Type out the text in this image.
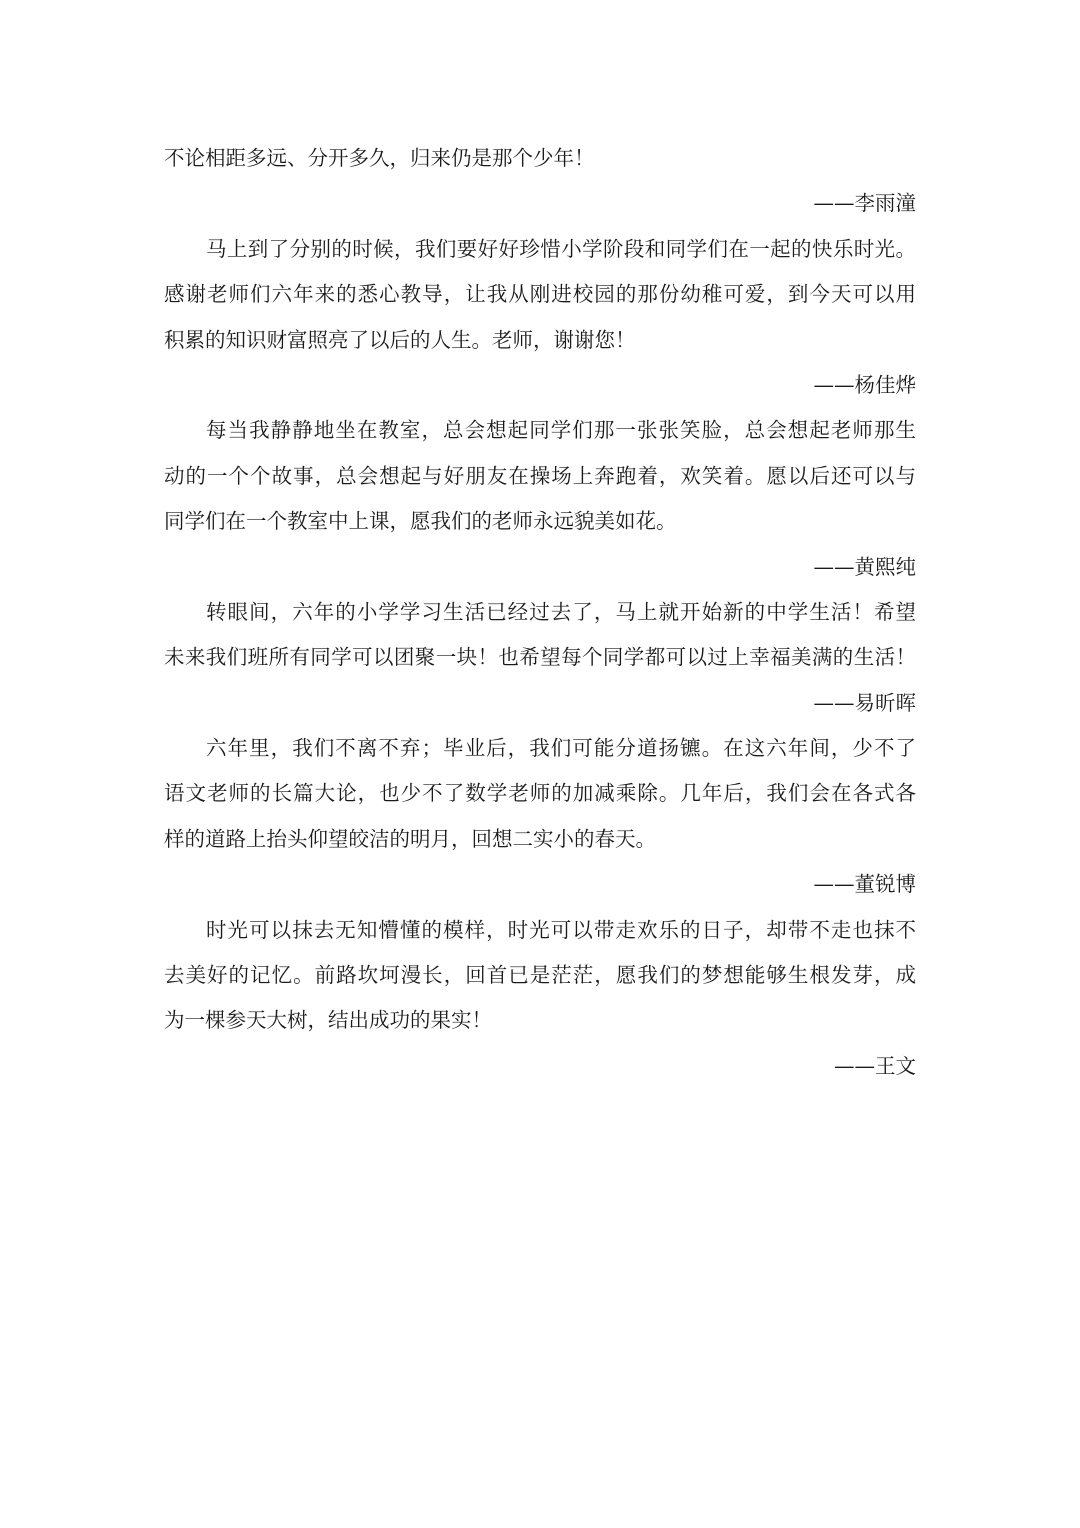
不论相距多远、分开多久，归来仍是那个少年！
——李雨潼
马上到了分别的时候，我们要好好珍惜小学阶段和同学们在一起的快乐时光。
感谢老师们六年来的悉心教导，让我从刚进校园的那份幼稚可爱，到今天可以用
积累的知识财富照亮了以后的人生。老师，谢谢您！
——杨佳烨
每当我静静地坐在教室，总会想起同学们那一张张笑脸，总会想起老师那生
动的一个个故事，总会想起与好朋友在操场上奔跑着，欢笑着。愿以后还可以与
同学们在一个教室中上课，愿我们的老师永远貌美如花。
——黄熙纯
转眼间，六年的小学学习生活已经过去了，马上就开始新的中学生活！希望
未来我们班所有同学可以团聚一块！也希望每个同学都可以过上幸福美满的生活！
——易昕晖
六年里，我们不离不弃；毕业后，我们可能分道扬镳。在这六年间，少不了
语文老师的长篇大论，也少不了数学老师的加减乘除。几年后，我们会在各式各
样的道路上抬头仰望皎洁的明月，回想二实小的春天。
——董锐博
时光可以抹去无知懵懂的模样，时光可以带走欢乐的日子，却带不走也抹不
去美好的记忆。前路坎坷漫长，回首已是茫茫，愿我们的梦想能够生根发芽，成
为一棵参天大树，结出成功的果实！
——王文
